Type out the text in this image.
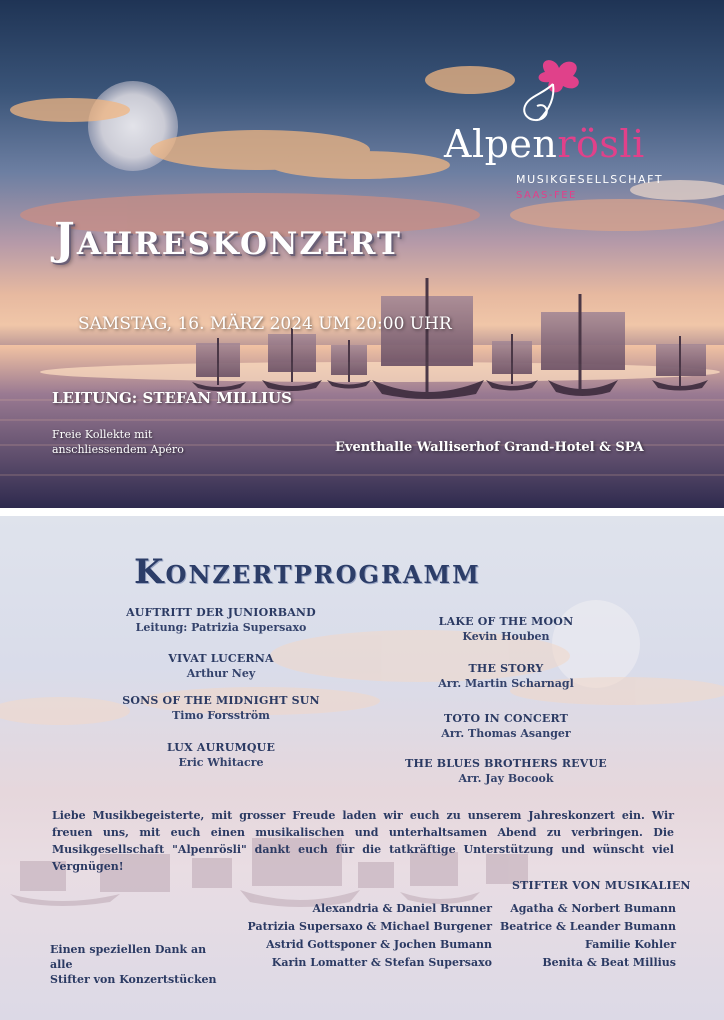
Alpenrösli
MUSIKGESELLSCHAFT
SAAS-FEE
Jahreskonzert
SAMSTAG, 16. MÄRZ 2024 UM 20:00 UHR
LEITUNG: STEFAN MILLIUS
Freie Kollekte mit
anschliessendem Apéro	Eventhalle Walliserhof Grand-Hotel & SPA
Konzertprogramm
AUFTRITT DER JUNIORBAND
Leitung: Patrizia Supersaxo
VIVAT LUCERNA
Arthur Ney
SONS OF THE MIDNIGHT SUN
Timo Forsström
LUX AURUMQUE
Eric Whitacre
LAKE OF THE MOON
Kevin Houben
THE STORY
Arr. Martin Scharnagl
TOTO IN CONCERT
Arr. Thomas Asanger
THE BLUES BROTHERS REVUE
Arr. Jay Bocook

Liebe Musikbegeisterte, mit grosser Freude laden wir euch zu unserem Jahreskonzert ein. Wir freuen uns, mit euch einen musikalischen und unterhaltsamen Abend zu verbringen. Die Musikgesellschaft "Alpenrösli" dankt euch für die tatkräftige Unterstützung und wünscht viel Vergnügen!

STIFTER VON MUSIKALIEN
Alexandria & Daniel Brunner
Patrizia Supersaxo & Michael Burgener
Astrid Gottsponer & Jochen Bumann
Karin Lomatter & Stefan Supersaxo
Agatha & Norbert Bumann
Beatrice & Leander Bumann
Familie Kohler
Benita & Beat Millius
Einen speziellen Dank an alle
Stifter von Konzertstücken
